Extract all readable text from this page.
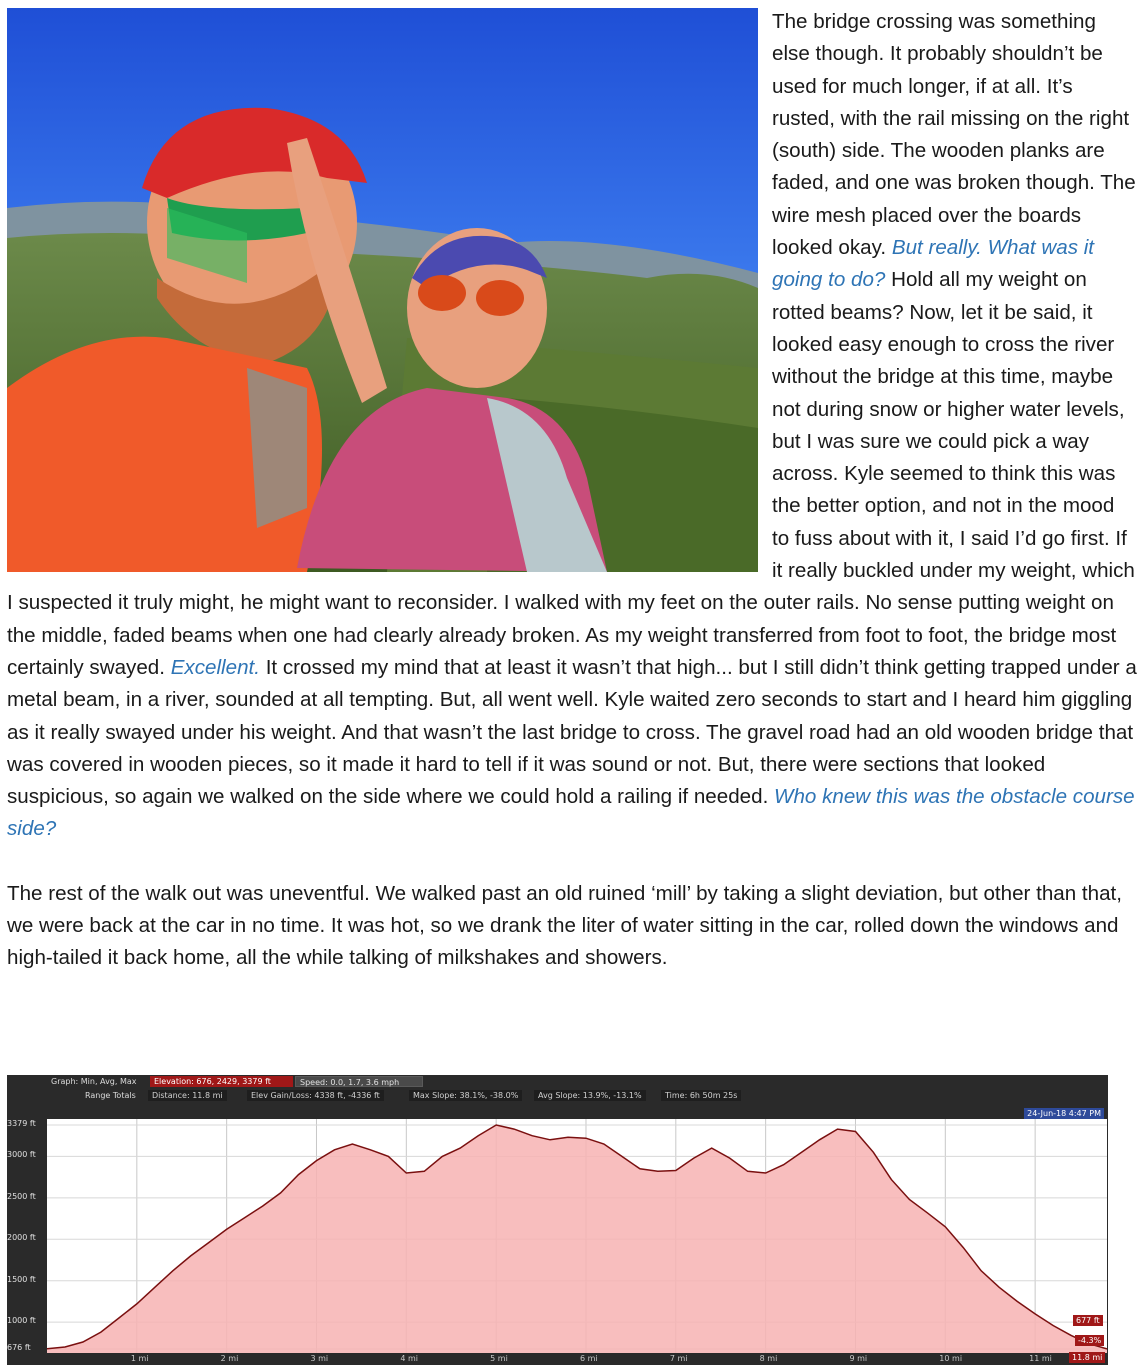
The bridge crossing was something else though. It probably shouldn’t be used for much longer, if at all. It’s rusted, with the rail missing on the right (south) side. The wooden planks are faded, and one was broken though. The wire mesh placed over the boards looked okay. But really. What was it going to do? Hold all my weight on rotted beams? Now, let it be said, it looked easy enough to cross the river without the bridge at this time, maybe not during snow or higher water levels, but I was sure we could pick a way across. Kyle seemed to think this was the better option, and not in the mood to fuss about with it, I said I’d go first. If it really buckled under my weight, which I suspected it truly might, he might want to reconsider. I walked with my feet on the outer rails. No sense putting weight on the middle, faded beams when one had clearly already broken. As my weight transferred from foot to foot, the bridge most certainly swayed. Excellent. It crossed my mind that at least it wasn’t that high... but I still didn’t think getting trapped under a metal beam, in a river, sounded at all tempting. But, all went well. Kyle waited zero seconds to start and I heard him giggling as it really swayed under his weight. And that wasn’t the last bridge to cross. The gravel road had an old wooden bridge that was covered in wooden pieces, so it made it hard to tell if it was sound or not. But, there were sections that looked suspicious, so again we walked on the side where we could hold a railing if needed. Who knew this was the obstacle course side?

The rest of the walk out was uneventful. We walked past an old ruined ‘mill’ by taking a slight deviation, but other than that, we were back at the car in no time. It was hot, so we drank the liter of water sitting in the car, rolled down the windows and high-tailed it back home, all the while talking of milkshakes and showers.

Graph: Min, Avg, Max	Elevation: 676, 2429, 3379 ft	Speed: 0.0, 1.7, 3.6 mph
Range Totals	Distance: 11.8 mi	Elev Gain/Loss: 4338 ft, -4336 ft	Max Slope: 38.1%, -38.0%	Avg Slope: 13.9%, -13.1%	Time: 6h 50m 25s
24-Jun-18 4:47 PM
3379 ft
3000 ft
2500 ft
2000 ft
1500 ft
1000 ft
676 ft
1 mi	2 mi	3 mi	4 mi	5 mi	6 mi	7 mi	8 mi	9 mi	10 mi	11 mi
677 ft
-4.3%
11.8 mi
